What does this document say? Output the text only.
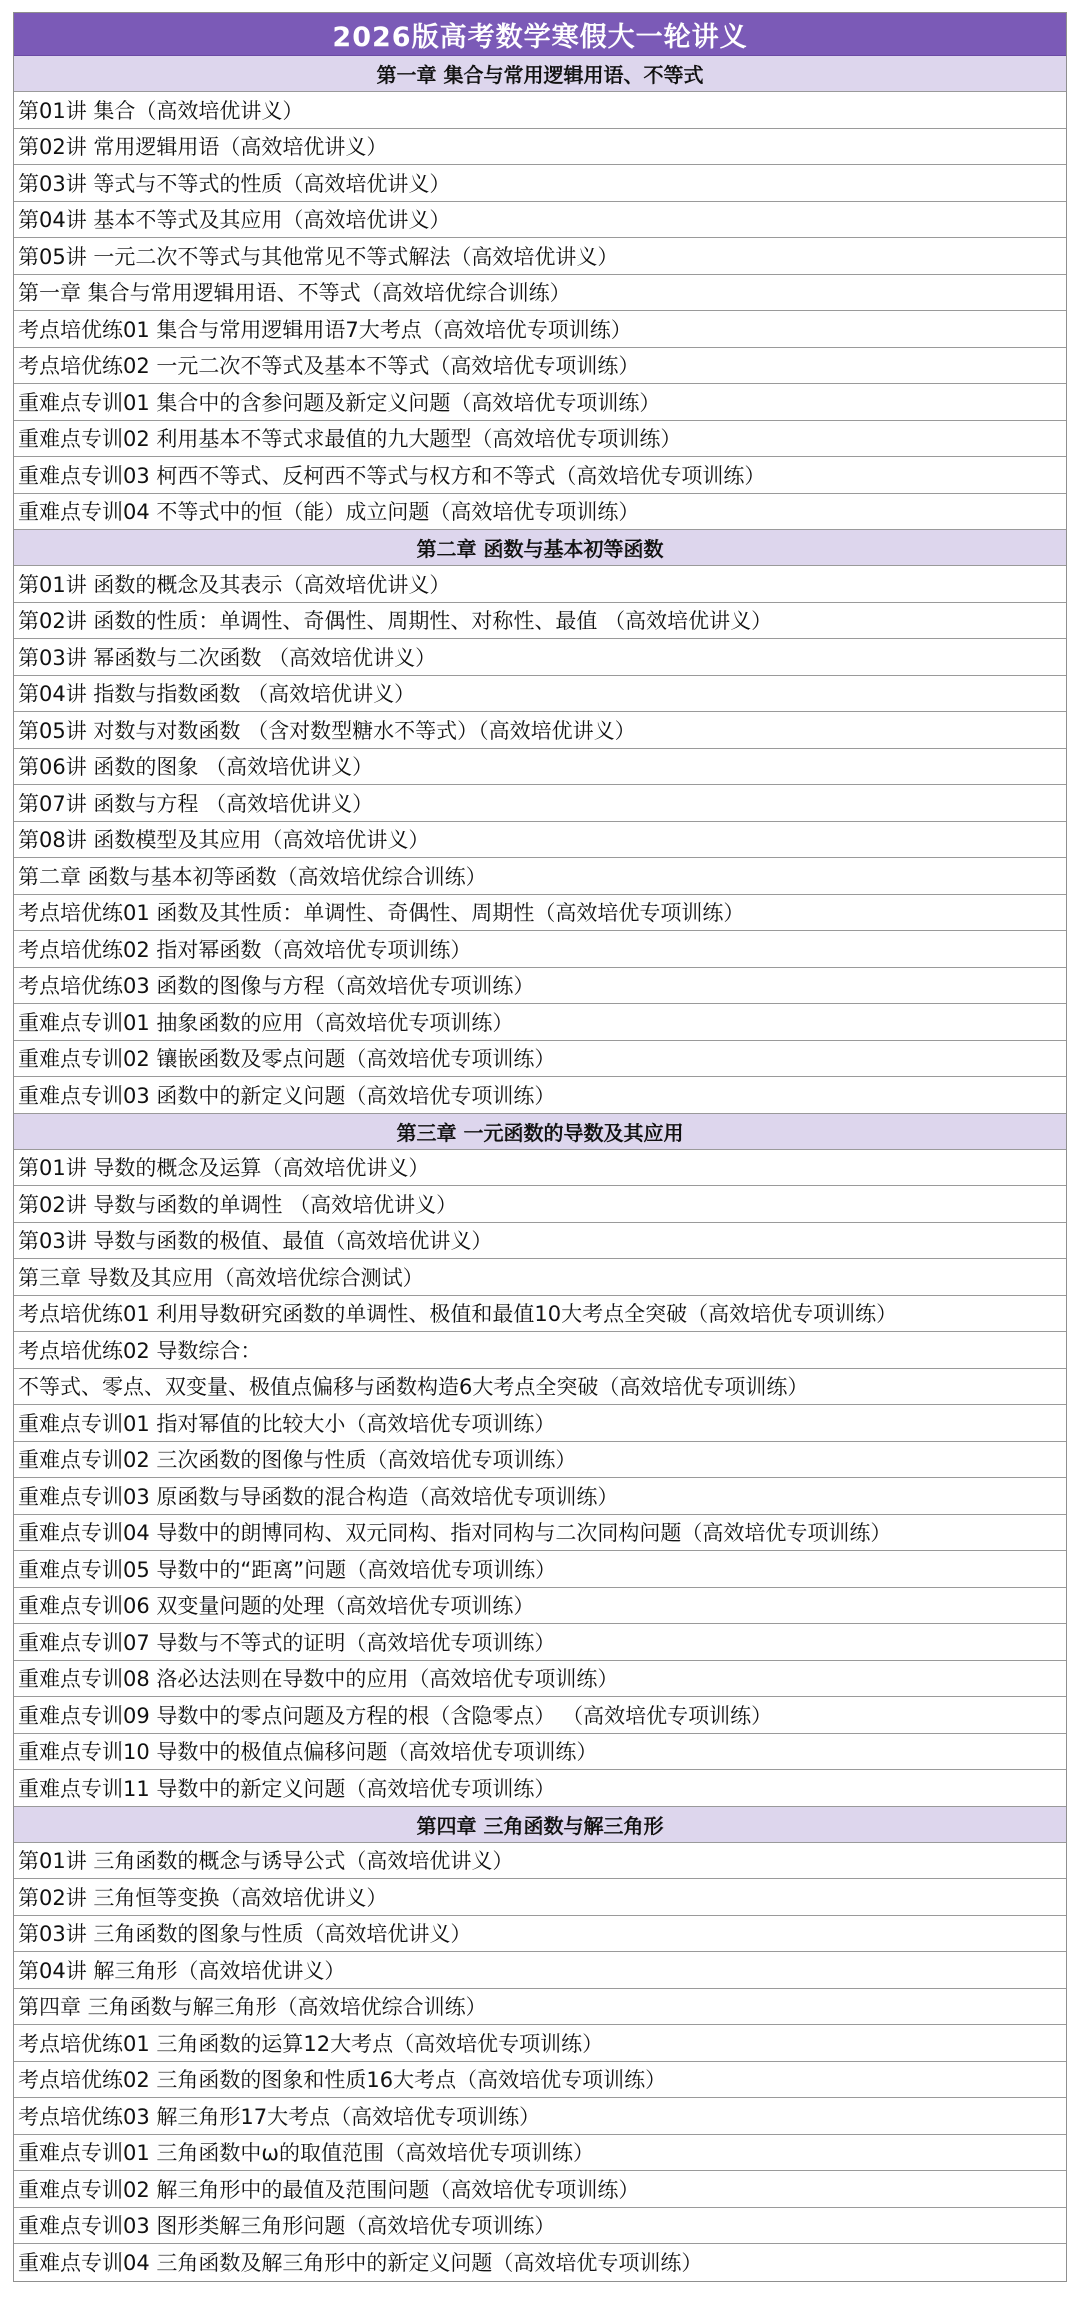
2026版高考数学寒假大一轮讲义
第一章 集合与常用逻辑用语、不等式
第01讲 集合（高效培优讲义）
第02讲 常用逻辑用语（高效培优讲义）
第03讲 等式与不等式的性质（高效培优讲义）
第04讲 基本不等式及其应用（高效培优讲义）
第05讲 一元二次不等式与其他常见不等式解法（高效培优讲义）
第一章 集合与常用逻辑用语、不等式（高效培优综合训练）
考点培优练01 集合与常用逻辑用语7大考点（高效培优专项训练）
考点培优练02 一元二次不等式及基本不等式（高效培优专项训练）
重难点专训01 集合中的含参问题及新定义问题（高效培优专项训练）
重难点专训02 利用基本不等式求最值的九大题型（高效培优专项训练）
重难点专训03 柯西不等式、反柯西不等式与权方和不等式（高效培优专项训练）
重难点专训04 不等式中的恒（能）成立问题（高效培优专项训练）
第二章 函数与基本初等函数
第01讲 函数的概念及其表示（高效培优讲义）
第02讲 函数的性质：单调性、奇偶性、周期性、对称性、最值 （高效培优讲义）
第03讲 幂函数与二次函数 （高效培优讲义）
第04讲 指数与指数函数 （高效培优讲义）
第05讲 对数与对数函数 （含对数型糖水不等式）（高效培优讲义）
第06讲 函数的图象 （高效培优讲义）
第07讲 函数与方程 （高效培优讲义）
第08讲 函数模型及其应用（高效培优讲义）
第二章 函数与基本初等函数（高效培优综合训练）
考点培优练01 函数及其性质：单调性、奇偶性、周期性（高效培优专项训练）
考点培优练02 指对幂函数（高效培优专项训练）
考点培优练03 函数的图像与方程（高效培优专项训练）
重难点专训01 抽象函数的应用（高效培优专项训练）
重难点专训02 镶嵌函数及零点问题（高效培优专项训练）
重难点专训03 函数中的新定义问题（高效培优专项训练）
第三章 一元函数的导数及其应用
第01讲 导数的概念及运算（高效培优讲义）
第02讲 导数与函数的单调性 （高效培优讲义）
第03讲 导数与函数的极值、最值（高效培优讲义）
第三章 导数及其应用（高效培优综合测试）
考点培优练01 利用导数研究函数的单调性、极值和最值10大考点全突破（高效培优专项训练）
考点培优练02 导数综合：
不等式、零点、双变量、极值点偏移与函数构造6大考点全突破（高效培优专项训练）
重难点专训01 指对幂值的比较大小（高效培优专项训练）
重难点专训02 三次函数的图像与性质（高效培优专项训练）
重难点专训03 原函数与导函数的混合构造（高效培优专项训练）
重难点专训04 导数中的朗博同构、双元同构、指对同构与二次同构问题（高效培优专项训练）
重难点专训05 导数中的“距离”问题（高效培优专项训练）
重难点专训06 双变量问题的处理（高效培优专项训练）
重难点专训07 导数与不等式的证明（高效培优专项训练）
重难点专训08 洛必达法则在导数中的应用（高效培优专项训练）
重难点专训09 导数中的零点问题及方程的根（含隐零点） （高效培优专项训练）
重难点专训10 导数中的极值点偏移问题（高效培优专项训练）
重难点专训11 导数中的新定义问题（高效培优专项训练）
第四章 三角函数与解三角形
第01讲 三角函数的概念与诱导公式（高效培优讲义）
第02讲 三角恒等变换（高效培优讲义）
第03讲 三角函数的图象与性质（高效培优讲义）
第04讲 解三角形（高效培优讲义）
第四章 三角函数与解三角形（高效培优综合训练）
考点培优练01 三角函数的运算12大考点（高效培优专项训练）
考点培优练02 三角函数的图象和性质16大考点（高效培优专项训练）
考点培优练03 解三角形17大考点（高效培优专项训练）
重难点专训01 三角函数中ω的取值范围（高效培优专项训练）
重难点专训02 解三角形中的最值及范围问题（高效培优专项训练）
重难点专训03 图形类解三角形问题（高效培优专项训练）
重难点专训04 三角函数及解三角形中的新定义问题（高效培优专项训练）
